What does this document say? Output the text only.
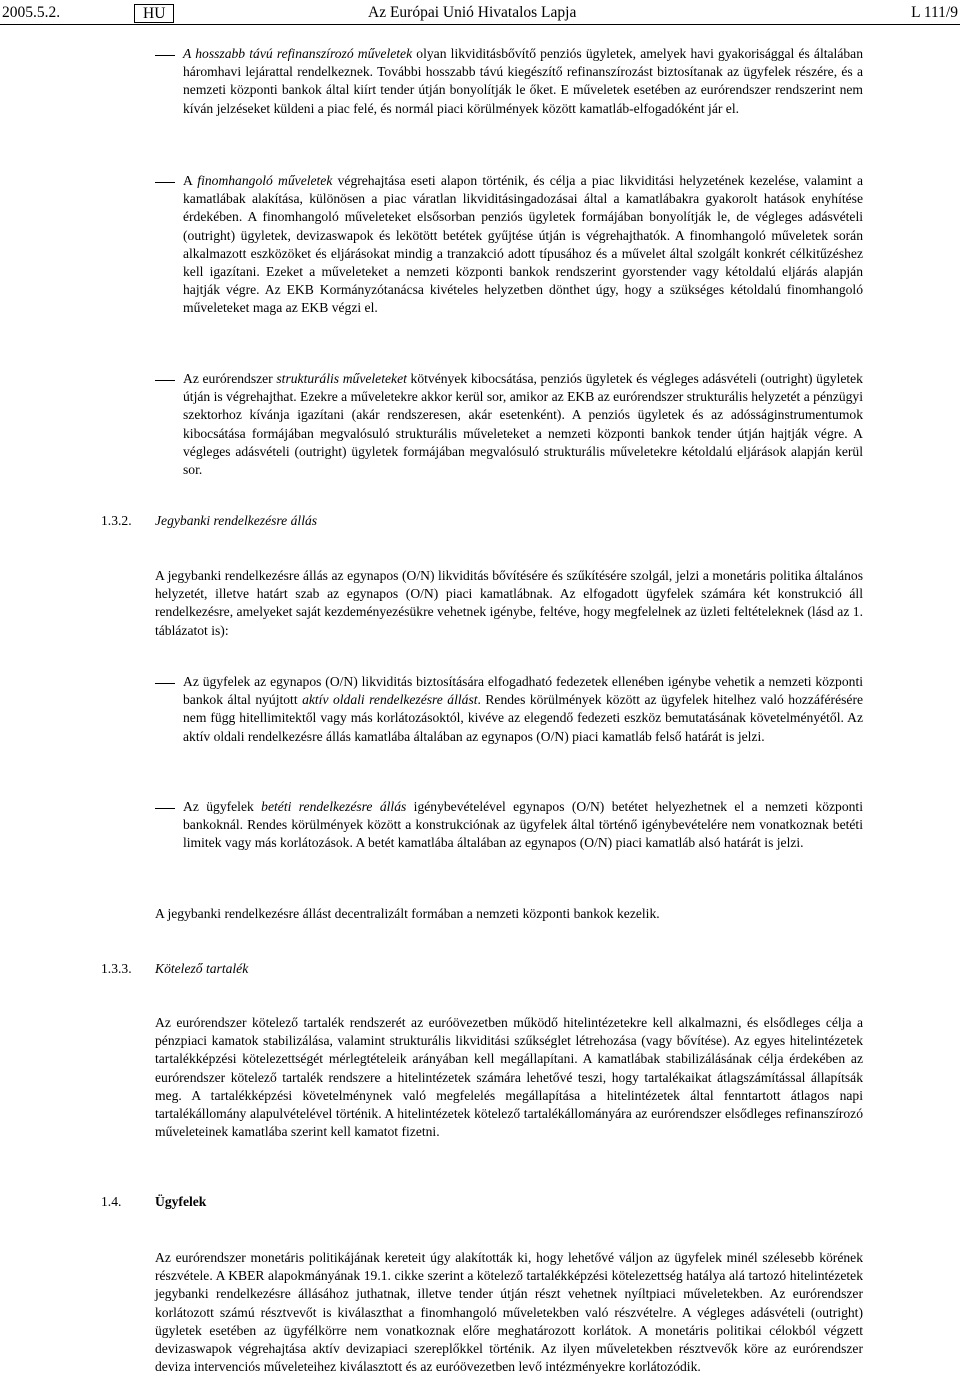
2005.5.2.	HU	Az Európai Unió Hivatalos Lapja	L 111/9

A hosszabb távú refinanszírozó műveletek olyan likviditásbővítő penziós ügyletek, amelyek havi gyakorisággal és általában háromhavi lejárattal rendelkeznek. További hosszabb távú kiegészítő refinanszírozást biztosítanak az ügyfelek részére, és a nemzeti központi bankok által kiírt tender útján bonyolítják le őket. E műveletek esetében az eurórendszer rendszerint nem kíván jelzéseket küldeni a piac felé, és normál piaci körülmények között kamatláb-elfogadóként jár el.

A finomhangoló műveletek végrehajtása eseti alapon történik, és célja a piac likviditási helyzetének kezelése, valamint a kamatlábak alakítása, különösen a piac váratlan likviditásingadozásai által a kamatlábakra gyakorolt hatások enyhítése érdekében. A finomhangoló műveleteket elsősorban penziós ügyletek formájában bonyolítják le, de végleges adásvételi (outright) ügyletek, devizaswapok és lekötött betétek gyűjtése útján is végrehajthatók. A finomhangoló műveletek során alkalmazott eszközöket és eljárásokat mindig a tranzakció adott típusához és a művelet által szolgált konkrét célkitűzéshez kell igazítani. Ezeket a műveleteket a nemzeti központi bankok rendszerint gyorstender vagy kétoldalú eljárás alapján hajtják végre. Az EKB Kormányzótanácsa kivételes helyzetben dönthet úgy, hogy a szükséges kétoldalú finomhangoló műveleteket maga az EKB végzi el.

Az eurórendszer strukturális műveleteket kötvények kibocsátása, penziós ügyletek és végleges adásvételi (outright) ügyletek útján is végrehajthat. Ezekre a műveletekre akkor kerül sor, amikor az EKB az eurórendszer strukturális helyzetét a pénzügyi szektorhoz kívánja igazítani (akár rendszeresen, akár esetenként). A penziós ügyletek és az adósságinstrumentumok kibocsátása formájában megvalósuló strukturális műveleteket a nemzeti központi bankok tender útján hajtják végre. A végleges adásvételi (outright) ügyletek formájában megvalósuló strukturális műveletekre kétoldalú eljárások alapján kerül sor.

1.3.2. Jegybanki rendelkezésre állás

A jegybanki rendelkezésre állás az egynapos (O/N) likviditás bővítésére és szűkítésére szolgál, jelzi a monetáris politika általános helyzetét, illetve határt szab az egynapos (O/N) piaci kamatlábnak. Az elfogadott ügyfelek számára két konstrukció áll rendelkezésre, amelyeket saját kezdeményezésükre vehetnek igénybe, feltéve, hogy megfelelnek az üzleti feltételeknek (lásd az 1. táblázatot is):

Az ügyfelek az egynapos (O/N) likviditás biztosítására elfogadható fedezetek ellenében igénybe vehetik a nemzeti központi bankok által nyújtott aktív oldali rendelkezésre állást. Rendes körülmények között az ügyfelek hitelhez való hozzáférésére nem függ hitellimitektől vagy más korlátozásoktól, kivéve az elegendő fedezeti eszköz bemutatásának követelményétől. Az aktív oldali rendelkezésre állás kamatlába általában az egynapos (O/N) piaci kamatláb felső határát is jelzi.

Az ügyfelek betéti rendelkezésre állás igénybevételével egynapos (O/N) betétet helyezhetnek el a nemzeti központi bankoknál. Rendes körülmények között a konstrukciónak az ügyfelek által történő igénybevételére nem vonatkoznak betéti limitek vagy más korlátozások. A betét kamatlába általában az egynapos (O/N) piaci kamatláb alsó határát is jelzi.

A jegybanki rendelkezésre állást decentralizált formában a nemzeti központi bankok kezelik.

1.3.3. Kötelező tartalék

Az eurórendszer kötelező tartalék rendszerét az euróövezetben működő hitelintézetekre kell alkalmazni, és elsődleges célja a pénzpiaci kamatok stabilizálása, valamint strukturális likviditási szűkséglet létrehozása (vagy bővítése). Az egyes hitelintézetek tartalékképzési kötelezettségét mérlegtételeik arányában kell megállapítani. A kamatlábak stabilizálásának célja érdekében az eurórendszer kötelező tartalék rendszere a hitelintézetek számára lehetővé teszi, hogy tartalékaikat átlagszámítással állapítsák meg. A tartalékképzési követelménynek való megfelelés megállapítása a hitelintézetek által fenntartott átlagos napi tartalékállomány alapulvételével történik. A hitelintézetek kötelező tartalékállományára az eurórendszer elsődleges refinanszírozó műveleteinek kamatlába szerint kell kamatot fizetni.

1.4. Ügyfelek

Az eurórendszer monetáris politikájának kereteit úgy alakították ki, hogy lehetővé váljon az ügyfelek minél szélesebb körének részvétele. A KBER alapokmányának 19.1. cikke szerint a kötelező tartalékképzési kötelezettség hatálya alá tartozó hitelintézetek jegybanki rendelkezésre állásához juthatnak, illetve tender útján részt vehetnek nyíltpiaci műveletekben. Az eurórendszer korlátozott számú résztvevőt is kiválaszthat a finomhangoló műveletekben való részvételre. A végleges adásvételi (outright) ügyletek esetében az ügyfélkörre nem vonatkoznak előre meghatározott korlátok. A monetáris politikai célokból végzett devizaswapok végrehajtása aktív devizapiaci szereplőkkel történik. Az ilyen műveletekben résztvevők köre az eurórendszer deviza intervenciós műveleteihez kiválasztott és az euróövezetben levő intézményekre korlátozódik.
